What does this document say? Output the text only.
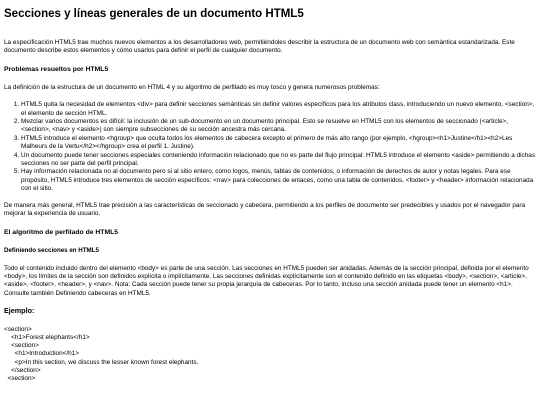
Secciones y líneas generales de un documento HTML5

La especificación HTML5 trae muchos nuevos elementos a los desarrolladores web, permitiéndoles describir la estructura de un documento web con semántica estandarizada. Este documento describe estos elementos y cómo usarlos para definir el perfil de cualquier documento.

Problemas resueltos por HTML5

La definición de la estructura de un documento en HTML 4 y su algoritmo de perfilado es muy tosco y genera numerosos problemas:

1. HTML5 quita la necesidad de elementos <div> para definir secciones semánticas sin definir valores específicos para los atributos class, introduciendo un nuevo elemento, <section>, el elemento de sección HTML.
2. Mezclar varios documentos es difícil: la inclusión de un sub-documento en un documento principal. Esto se resuelve en HTML5 con los elementos de seccionado (<article>, <section>, <nav> y <aside>) son siempre subsecciones de su sección ancestra más cercana.
3. HTML5 introduce el elemento <hgroup> que oculta todos los elementos de cabecera excepto el primero de más alto rango (por ejemplo, <hgroup><h1>Justine</h1><h2>Les Malheurs de la Vertu</h2></hgroup> crea el perfil 1. Justine).
4. Un documento puede tener secciones especiales conteniendo información relacionado que no es parte del flujo principal: HTML5 introduce el elemento <aside> permitiendo a dichas secciones no ser parte del perfil principal.
5. Hay información relacionada no al documento pero si al sitio entero, como logos, menús, tablas de contenidos, o información de derechos de autor y notas legales. Para ese propósito, HTML5 introduce tres elementos de sección específicos: <nav> para colecciones de enlaces, como una tabla de contenidos, <footer> y <header> información relacionada con el sitio.

De manera más general, HTML5 trae precisión a las características de seccionado y cabecera, permitiendo a los perfiles de documento ser predecibles y usados por el navegador para mejorar la experiencia de usuario.

El algoritmo de perfilado de HTML5
Definiendo secciones en HTML5

Todo el contenido incluido dentro del elemento <body> es parte de una sección. Las secciones en HTML5 pueden ser anidadas. Además de la sección principal, definida por el elemento <body>, los límites de la sección son definidos explícita o implícitamente. Las secciones definidas explícitamente son el contenido definido en las etiquetas <body>, <section>, <article>,<aside>, <footer>, <header>, y <nav>. Nota: Cada sección puede tener su propia jerarquía de cabeceras. Por lo tanto, incluso una sección anidada puede tener un elemento <h1>. Consulte también Definiendo cabeceras en HTML5.

Ejemplo:
<section>
<h1>Forest elephants</h1>
<section>
<h1>Introduction</h1>
<p>In this section, we discuss the lesser known forest elephants.
</section>
<section>
